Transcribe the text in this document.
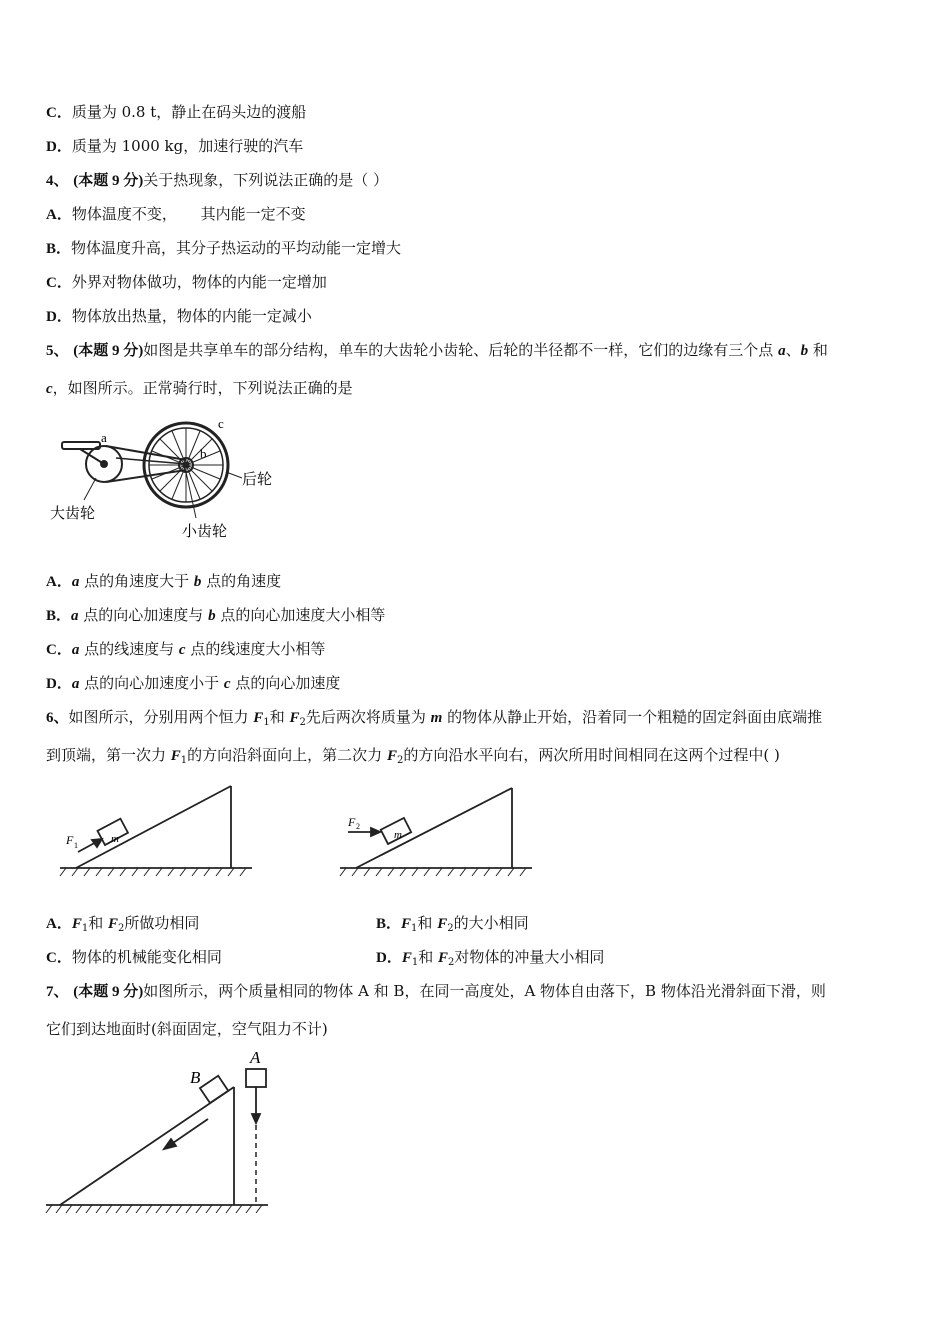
C．质量为 0.8 t，静止在码头边的渡船
D．质量为 1000 kg，加速行驶的汽车
4、 (本题 9 分)关于热现象，下列说法正确的是（ ）
A．物体温度不变，     其内能一定不变
B．物体温度升高，其分子热运动的平均动能一定增大
C．外界对物体做功，物体的内能一定增加
D．物体放出热量，物体的内能一定减小
5、 (本题 9 分)如图是共享单车的部分结构，单车的大齿轮小齿轮、后轮的半径都不一样，它们的边缘有三个点 a、b 和
c，如图所示。正常骑行时，下列说法正确的是
a
b
c
大齿轮
小齿轮
后轮
A．a 点的角速度大于 b 点的角速度
B．a 点的向心加速度与 b 点的向心加速度大小相等
C．a 点的线速度与 c 点的线速度大小相等
D．a 点的向心加速度小于 c 点的向心加速度
6、如图所示，分别用两个恒力 $F_1$和 $F_2$先后两次将质量为 m 的物体从静止开始，沿着同一个粗糙的固定斜面由底端推
到顶端，第一次力 $F_1$的方向沿斜面向上，第二次力 $F_2$的方向沿水平向右，两次所用时间相同在这两个过程中( )
m
F 1
m
F 2
A．$F_1$和 $F_2$所做功相同	B．$F_1$和 $F_2$的大小相同
C．物体的机械能变化相同	D．$F_1$和 $F_2$对物体的冲量大小相同
7、 (本题 9 分)如图所示，两个质量相同的物体 A 和 B，在同一高度处，A 物体自由落下，B 物体沿光滑斜面下滑，则
它们到达地面时(斜面固定，空气阻力不计)
B
A
